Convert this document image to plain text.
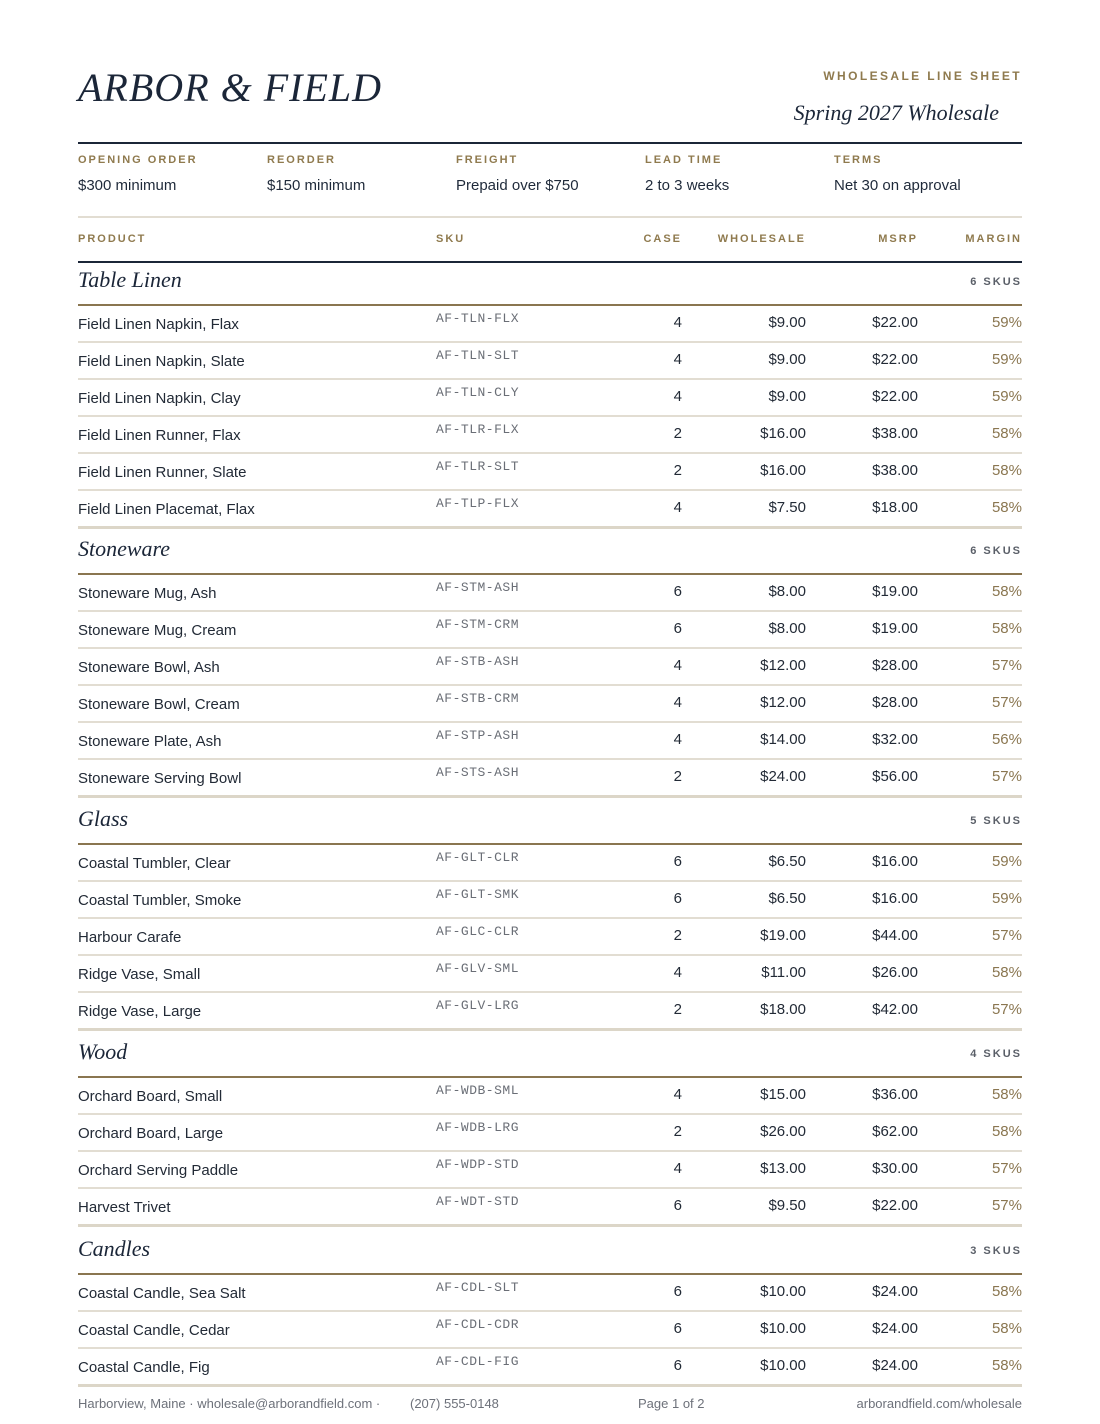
ARBOR & FIELD	WHOLESALE LINE SHEET
Spring 2027 Wholesale
OPENING ORDER
$300 minimum
REORDER
$150 minimum
FREIGHT
Prepaid over $750
LEAD TIME
2 to 3 weeks
TERMS
Net 30 on approval
PRODUCT	SKU	CASE	WHOLESALE	MSRP	MARGIN
Table Linen	6 SKUS
Field Linen Napkin, Flax	AF-TLN-FLX	4	$9.00	$22.00	59%
Field Linen Napkin, Slate	AF-TLN-SLT	4	$9.00	$22.00	59%
Field Linen Napkin, Clay	AF-TLN-CLY	4	$9.00	$22.00	59%
Field Linen Runner, Flax	AF-TLR-FLX	2	$16.00	$38.00	58%
Field Linen Runner, Slate	AF-TLR-SLT	2	$16.00	$38.00	58%
Field Linen Placemat, Flax	AF-TLP-FLX	4	$7.50	$18.00	58%
Stoneware	6 SKUS
Stoneware Mug, Ash	AF-STM-ASH	6	$8.00	$19.00	58%
Stoneware Mug, Cream	AF-STM-CRM	6	$8.00	$19.00	58%
Stoneware Bowl, Ash	AF-STB-ASH	4	$12.00	$28.00	57%
Stoneware Bowl, Cream	AF-STB-CRM	4	$12.00	$28.00	57%
Stoneware Plate, Ash	AF-STP-ASH	4	$14.00	$32.00	56%
Stoneware Serving Bowl	AF-STS-ASH	2	$24.00	$56.00	57%
Glass	5 SKUS
Coastal Tumbler, Clear	AF-GLT-CLR	6	$6.50	$16.00	59%
Coastal Tumbler, Smoke	AF-GLT-SMK	6	$6.50	$16.00	59%
Harbour Carafe	AF-GLC-CLR	2	$19.00	$44.00	57%
Ridge Vase, Small	AF-GLV-SML	4	$11.00	$26.00	58%
Ridge Vase, Large	AF-GLV-LRG	2	$18.00	$42.00	57%
Wood	4 SKUS
Orchard Board, Small	AF-WDB-SML	4	$15.00	$36.00	58%
Orchard Board, Large	AF-WDB-LRG	2	$26.00	$62.00	58%
Orchard Serving Paddle	AF-WDP-STD	4	$13.00	$30.00	57%
Harvest Trivet	AF-WDT-STD	6	$9.50	$22.00	57%
Candles	3 SKUS
Coastal Candle, Sea Salt	AF-CDL-SLT	6	$10.00	$24.00	58%
Coastal Candle, Cedar	AF-CDL-CDR	6	$10.00	$24.00	58%
Coastal Candle, Fig	AF-CDL-FIG	6	$10.00	$24.00	58%
Harborview, Maine · wholesale@arborandfield.com · (207) 555-0148	Page 1 of 2	arborandfield.com/wholesale
